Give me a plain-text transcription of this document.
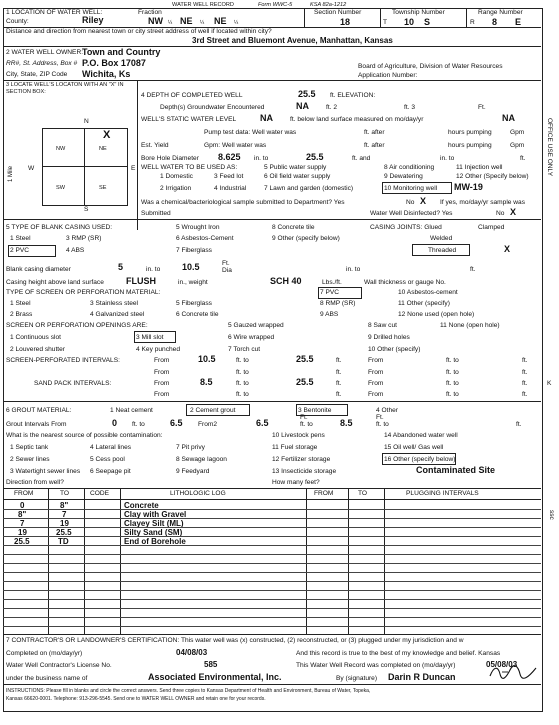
WATER WELL RECORD	Form WWC-5	KSA 82a-1212
1 LOCATION OF WATER WELL:
County:	Riley
Fraction
NW ¼ NE ¼ NE ¼
Section Number
18
Township Number
T 10 S
Range Number
R 8 E
Distance and direction from nearest town or city street address of well if located within city?
3rd Street and Bluemont Avenue, Manhattan, Kansas
2 WATER WELL OWNER:
Town and Country
RR#, St. Address, Box # P.O. Box 17087
City, State, ZIP Code Wichita, Ks
Board of Agriculture, Division of Water Resources
Application Number:
3 LOCATE WELL'S LOCATON WITH AN "X" IN SECTION BOX:
N
S
W	E
1 Mile
NW	NE
SW	SE
X
4 DEPTH OF COMPLETED WELL	25.5 ft. ELEVATION:
Depth(s) Groundwater Encountered	NA	ft. 2	ft. 3	Ft.
WELL'S STATIC WATER LEVEL	NA	ft. below land surface measured on mo/day/yr	NA
Pump test data: Well water was	ft. after	hours pumping	Gpm
Est. Yield	Gpm: Well water was	ft. after	hours pumping	Gpm
Bore Hole Diameter 8.625 in. to	25.5	ft. and	in. to	ft.
WELL WATER TO BE USED AS:	5 Public water supply	8 Air conditioning	11 Injection well
1 Domestic	3 Feed lot	6 Oil field water supply	9 Dewatering	12 Other (Specify below)
2 Irrigation	4 Industrial	7 Lawn and garden (domestic)	10 Monitoring well MW-19
Was a chemical/bacteriological sample submitted to Department? Yes	No X If yes, mo/day/yr sample was
Submitted	Water Well Disinfected? Yes	No X
5 TYPE OF BLANK CASING USED:
1 Steel	3 RMP (SR)
5 Wrought Iron	8 Concrete tile	CASING JOINTS: Glued	Clamped
2 PVC	4 ABS
6 Asbestos-Cement	9 Other (specify below)	Welded
7 Fiberglass	Threaded	X
Blank casing diameter	5	in. to 10.5	Ft. Dia	in. to	ft.
Casing height above land surface FLUSH	in., weight	SCH 40	Lbs./ft.	Wall thickness or gauge No.
TYPE OF SCREEN OR PERFORATION MATERIAL:
1 Steel	3 Stainless steel	5 Fiberglass
7 PVC	10 Asbestos-cement
2 Brass	4 Galvanized steel	6 Concrete tile
8 RMP (SR)	11 Other (specify)
9 ABS	12 None used (open hole)
SCREEN OR PERFORATION OPENINGS ARE:	5 Gauzed wrapped	8 Saw cut	11 None (open hole)
1 Continuous slot	3 Mill slot	6 Wire wrapped	9 Drilled holes
2 Louvered shutter	4 Key punched	7 Torch cut	10 Other (specify)
SCREEN-PERFORATED INTERVALS:	From	10.5	ft. to	25.5	ft.	From	ft. to	ft.
From	ft. to	ft.	From	ft. to	ft.
SAND PACK INTERVALS:	From	8.5	ft. to	25.5	ft.	From	ft. to	ft.
From	ft. to	ft.	From	ft. to	ft.
6 GROUT MATERIAL:	1 Neat cement	2 Cement grout	3 Bentonite	4 Other
Grout Intervals From	0 ft. to	6.5 From2	6.5
Ft.
ft. to	8.5
Ft.
ft. to	ft.
What is the nearest source of possible contamination:
1 Septic tank	4 Lateral lines	7 Pit privy
10 Livestock pens	14 Abandoned water well
2 Sewer lines	5 Cess pool	8 Sewage lagoon
11 Fuel storage	15 Oil well/ Gas well
3 Watertight sewer lines 6 Seepage pit	9 Feedyard
12 Fertilizer storage	16 Other (specify below)
13 Insecticide storage	Contaminated Site
Direction from well?	How many feet?
FROM	TO	CODE	LITHOLOGIC LOG	FROM	TO	PLUGGING INTERVALS
0	8"	Concrete
8"	7	Clay with Gravel
7	19	Clayey Silt (ML)
19	25.5	Silty Sand (SM)
25.5	TD	End of Borehole
7 CONTRACTOR'S OR LANDOWNER'S CERTIFICATION: This water well was (x) constructed, (2) reconstructed, or (3) plugged under my jurisdiction and w
Completed on (mo/day/yr)	04/08/03	And this record is true to the best of my knowledge and belief. Kansas
Water Well Contractor's License No.	585	This Water Well Record was completed on (mo/day/yr)	05/08/03
under the business name of	Associated Environmental, Inc.	By (signature) Darin R Duncan
INSTRUCTIONS: Please fill in blanks and circle the correct answers. Send three copies to Kansas Department of Health and Environment, Bureau of Water, Topeka,
Kansas 66620-0001. Telephone: 913-296-5545. Send one to WATER WELL OWNER and retain one for your records.
OFFICE USE ONLY
K
ssc
